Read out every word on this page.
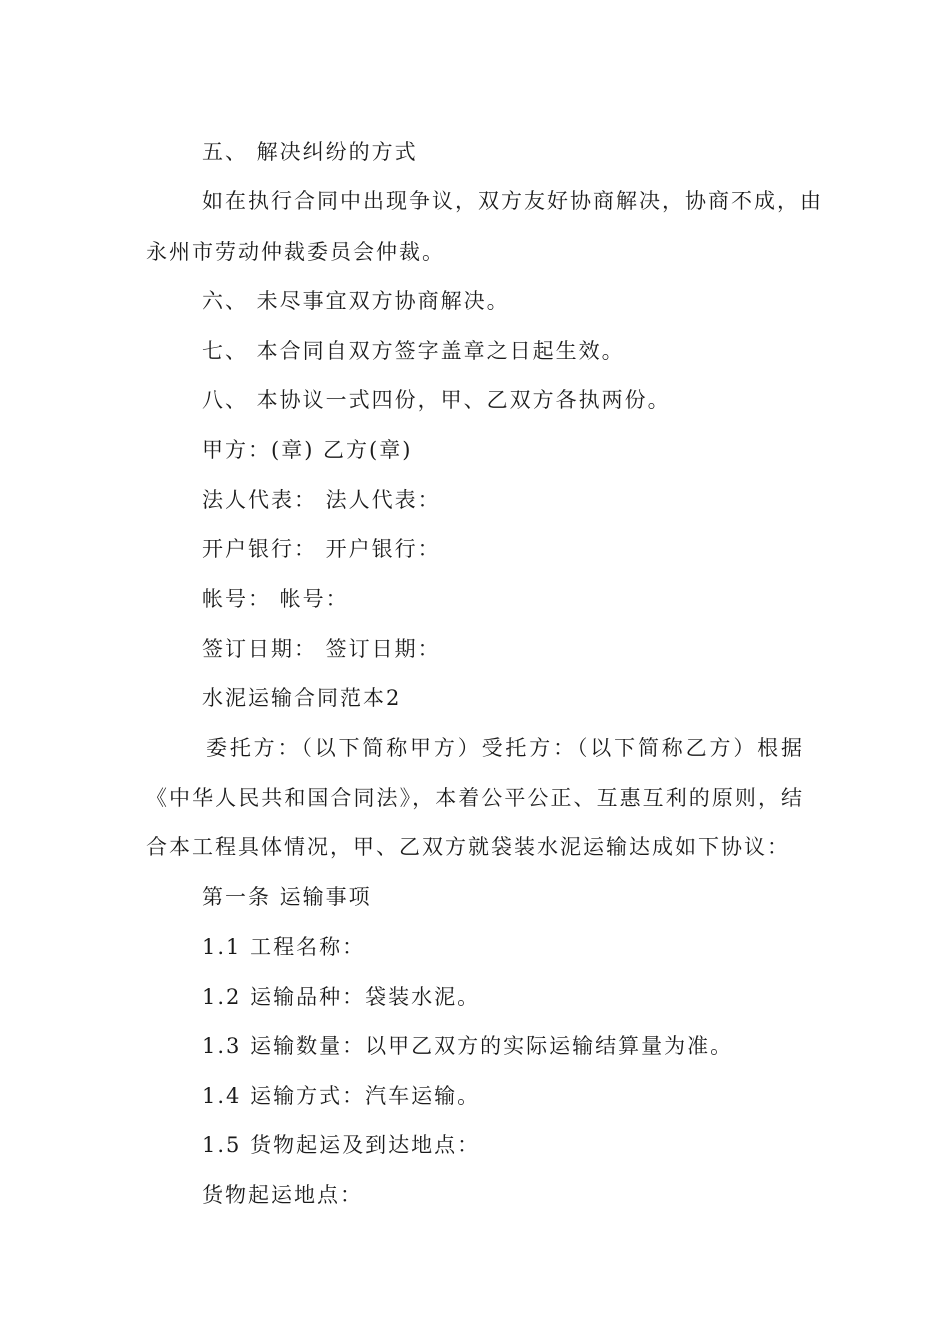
五、 解决纠纷的方式
如在执行合同中出现争议，双方友好协商解决，协商不成，由
永州市劳动仲裁委员会仲裁。
六、 未尽事宜双方协商解决。
七、 本合同自双方签字盖章之日起生效。
八、 本协议一式四份，甲、乙双方各执两份。
甲方：(章) 乙方(章)
法人代表： 法人代表：
开户银行： 开户银行：
帐号： 帐号：
签订日期： 签订日期：
水泥运输合同范本2
委托方：（以下简称甲方）受托方：（以下简称乙方）根据
《中华人民共和国合同法》，本着公平公正、互惠互利的原则，结
合本工程具体情况，甲、乙双方就袋装水泥运输达成如下协议：
第一条 运输事项
1.1 工程名称：
1.2 运输品种：袋装水泥。
1.3 运输数量：以甲乙双方的实际运输结算量为准。
1.4 运输方式：汽车运输。
1.5 货物起运及到达地点：
货物起运地点：
